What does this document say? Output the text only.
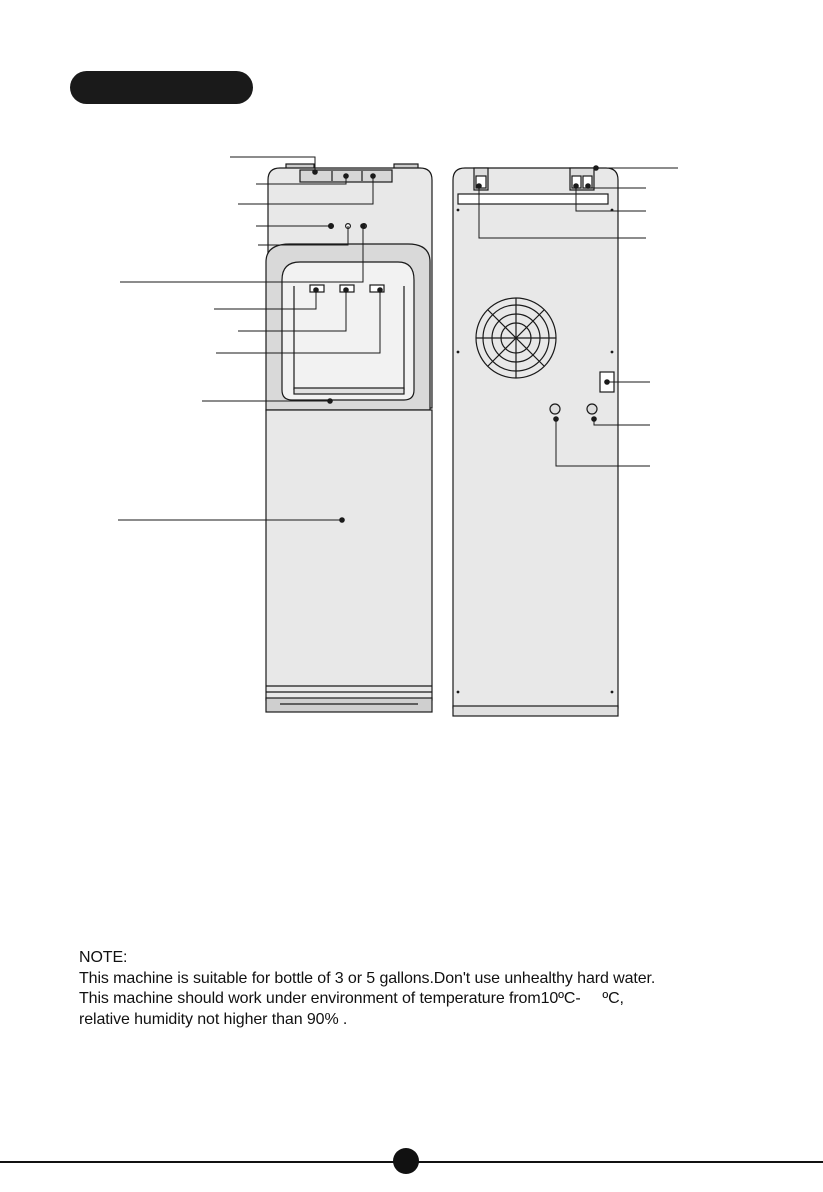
NOTE:
This machine is suitable for bottle of 3 or 5 gallons.Don't use unhealthy hard water.
This machine should work under environment of temperature from10ºC-     ºC,
relative humidity not higher than 90% .
